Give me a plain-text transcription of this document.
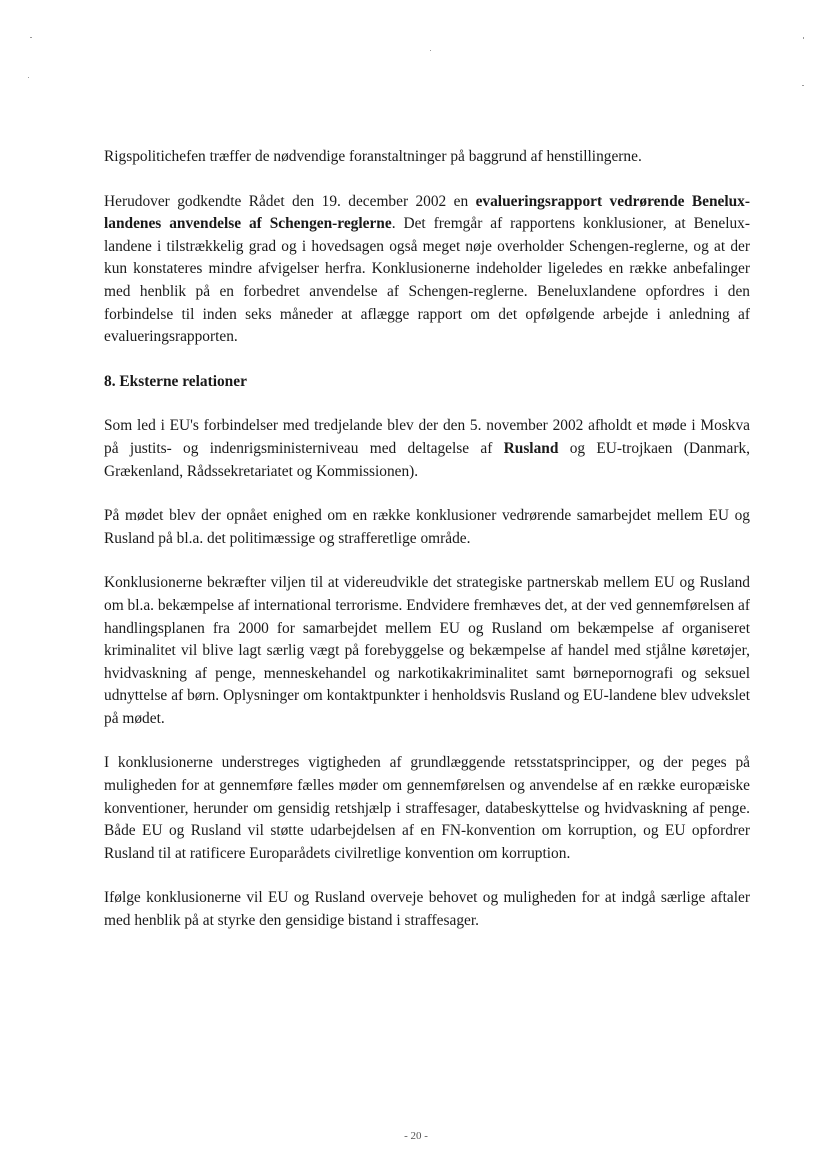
Rigspolitichefen træffer de nødvendige foranstaltninger på baggrund af henstillingerne.

Herudover godkendte Rådet den 19. december 2002 en evalueringsrapport vedrørende Benelux-landenes anvendelse af Schengen-reglerne. Det fremgår af rapportens konklusioner, at Benelux-landene i tilstrækkelig grad og i hovedsagen også meget nøje overholder Schengen-reglerne, og at der kun konstateres mindre afvigelser herfra. Konklusionerne indeholder ligeledes en række anbefalinger med henblik på en forbedret anvendelse af Schengen-reglerne. Beneluxlandene opfordres i den forbindelse til inden seks måneder at aflægge rapport om det opfølgende arbejde i anledning af evalueringsrapporten.

8. Eksterne relationer

Som led i EU's forbindelser med tredjelande blev der den 5. november 2002 afholdt et møde i Moskva på justits- og indenrigsministerniveau med deltagelse af Rusland og EU-trojkaen (Danmark, Grækenland, Rådssekretariatet og Kommissionen).

På mødet blev der opnået enighed om en række konklusioner vedrørende samarbejdet mellem EU og Rusland på bl.a. det politimæssige og strafferetlige område.

Konklusionerne bekræfter viljen til at videreudvikle det strategiske partnerskab mellem EU og Rusland om bl.a. bekæmpelse af international terrorisme. Endvidere fremhæves det, at der ved gennemførelsen af handlingsplanen fra 2000 for samarbejdet mellem EU og Rusland om bekæmpelse af organiseret kriminalitet vil blive lagt særlig vægt på forebyggelse og bekæmpelse af handel med stjålne køretøjer, hvidvaskning af penge, menneskehandel og narkotikakriminalitet samt børnepornografi og seksuel udnyttelse af børn. Oplysninger om kontaktpunkter i henholdsvis Rusland og EU-landene blev udvekslet på mødet.

I konklusionerne understreges vigtigheden af grundlæggende retsstatsprincipper, og der peges på muligheden for at gennemføre fælles møder om gennemførelsen og anvendelse af en række europæiske konventioner, herunder om gensidig retshjælp i straffesager, databeskyttelse og hvidvaskning af penge. Både EU og Rusland vil støtte udarbejdelsen af en FN-konvention om korruption, og EU opfordrer Rusland til at ratificere Europarådets civilretlige konvention om korruption.

Ifølge konklusionerne vil EU og Rusland overveje behovet og muligheden for at indgå særlige aftaler med henblik på at styrke den gensidige bistand i straffesager.

- 20 -
